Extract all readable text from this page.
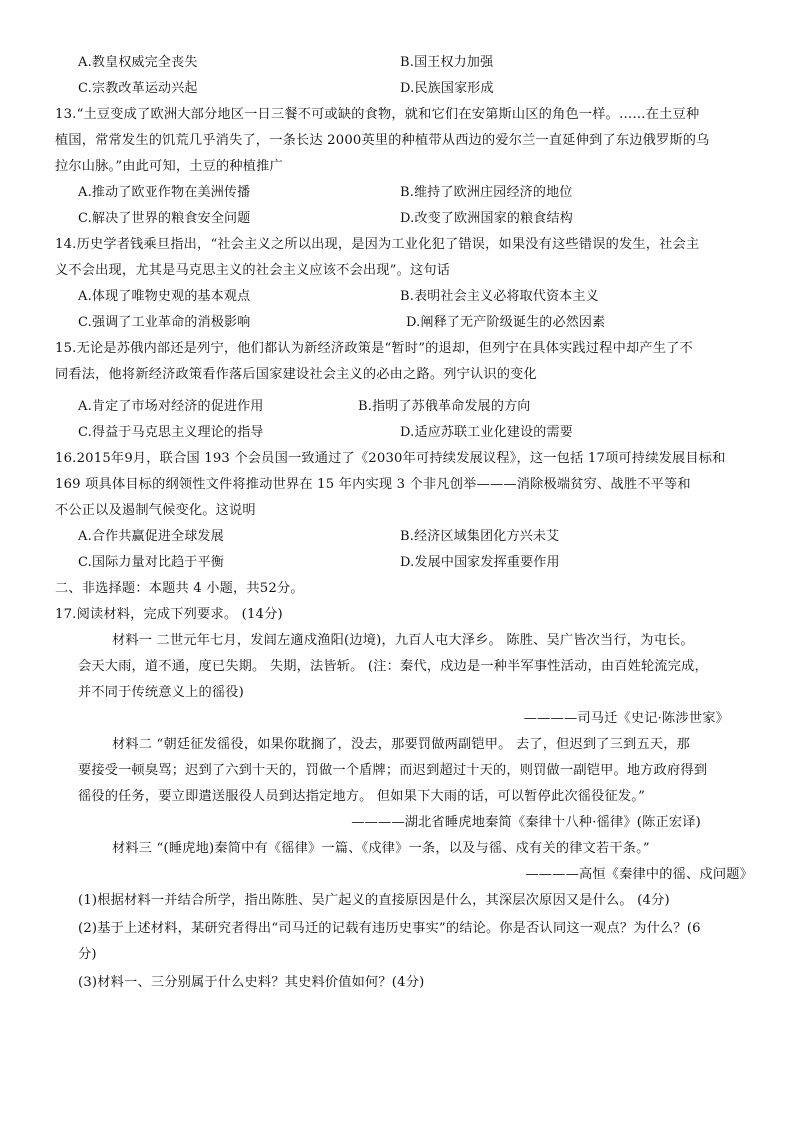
A.教皇权威完全丧失	B.国王权力加强
C.宗教改革运动兴起	D.民族国家形成
13.“土豆变成了欧洲大部分地区一日三餐不可或缺的食物，就和它们在安第斯山区的角色一样。……在土豆种
植国，常常发生的饥荒几乎消失了，一条长达 2000英里的种植带从西边的爱尔兰一直延伸到了东边俄罗斯的乌
拉尔山脉。”由此可知，土豆的种植推广
A.推动了欧亚作物在美洲传播	B.维持了欧洲庄园经济的地位
C.解决了世界的粮食安全问题	D.改变了欧洲国家的粮食结构
14.历史学者钱乘旦指出，“社会主义之所以出现，是因为工业化犯了错误，如果没有这些错误的发生，社会主
义不会出现，尤其是马克思主义的社会主义应该不会出现”。这句话
A.体现了唯物史观的基本观点	B.表明社会主义必将取代资本主义
C.强调了工业革命的消极影响	D.阐释了无产阶级诞生的必然因素
15.无论是苏俄内部还是列宁，他们都认为新经济政策是“暂时”的退却，但列宁在具体实践过程中却产生了不
同看法，他将新经济政策看作落后国家建设社会主义的必由之路。列宁认识的变化
A.肯定了市场对经济的促进作用	B.指明了苏俄革命发展的方向
C.得益于马克思主义理论的指导	D.适应苏联工业化建设的需要
16.2015年9月，联合国 193 个会员国一致通过了《2030年可持续发展议程》，这一包括 17项可持续发展目标和
169 项具体目标的纲领性文件将推动世界在 15 年内实现 3 个非凡创举———消除极端贫穷、战胜不平等和
不公正以及遏制气候变化。这说明
A.合作共赢促进全球发展	B.经济区域集团化方兴未艾
C.国际力量对比趋于平衡	D.发展中国家发挥重要作用
二、非选择题：本题共 4 小题，共52分。
17.阅读材料，完成下列要求。 (14分)
材料一 二世元年七月，发闾左適戍渔阳(边境)，九百人屯大泽乡。 陈胜、吴广皆次当行，为屯长。
会天大雨，道不通，度已失期。 失期，法皆斩。 (注：秦代，戍边是一种半军事性活动，由百姓轮流完成，
并不同于传统意义上的徭役)
————司马迁《史记·陈涉世家》
材料二 “朝廷征发徭役，如果你耽搁了，没去，那要罚做两副铠甲。 去了，但迟到了三到五天，那
要接受一顿臭骂；迟到了六到十天的，罚做一个盾牌；而迟到超过十天的，则罚做一副铠甲。地方政府得到
徭役的任务，要立即遣送服役人员到达指定地方。 但如果下大雨的话，可以暂停此次徭役征发。”
————湖北省睡虎地秦简《秦律十八种·徭律》(陈正宏译)
材料三 “(睡虎地)秦简中有《徭律》一篇、《戍律》一条，以及与徭、戍有关的律文若干条。”
————高恒《秦律中的徭、戍问题》
(1)根据材料一并结合所学，指出陈胜、吴广起义的直接原因是什么，其深层次原因又是什么。 (4分)
(2)基于上述材料，某研究者得出“司马迁的记载有违历史事实”的结论。你是否认同这一观点？为什么？(6
分)
(3)材料一、三分别属于什么史料？其史料价值如何？(4分)
